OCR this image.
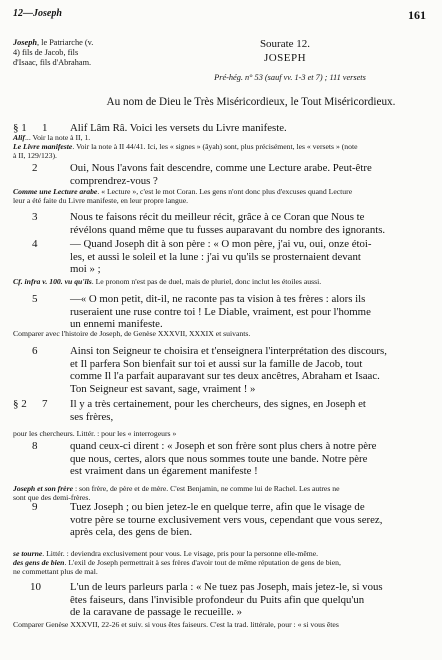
12—Joseph	161
Joseph, le Patriarche (v.
4) fils de Jacob, fils
d'Isaac, fils d'Abraham.
Sourate 12.
JOSEPH
Pré-hég. n° 53 (sauf vv. 1-3 et 7) ; 111 versets
Au nom de Dieu le Très Miséricordieux, le Tout Miséricordieux.
§ 1 1 Alif Lâm Râ. Voici les versets du Livre manifeste.
Alif... Voir la note à II, 1.
Le Livre manifeste. Voir la note à II 44/41. Ici, les « signes » (âyah) sont, plus précisément, les « versets » (note
à II, 129/123).
2	Oui, Nous l'avons fait descendre, comme une Lecture arabe. Peut-être
comprendrez-vous ?
Comme une Lecture arabe. « Lecture », c'est le mot Coran. Les gens n'ont donc plus d'excuses quand Lecture
leur a été faite du Livre manifeste, en leur propre langue.
3	Nous te faisons récit du meilleur récit, grâce à ce Coran que Nous te
révélons quand même que tu fusses auparavant du nombre des ignorants.
4	— Quand Joseph dit à son père : « O mon père, j'ai vu, oui, onze étoi-
les, et aussi le soleil et la lune : j'ai vu qu'ils se prosternaient devant
moi » ;
Cf. infra v. 100. vu qu'ils. Le pronom n'est pas de duel, mais de pluriel, donc inclut les étoiles aussi.
5	—« O mon petit, dit-il, ne raconte pas ta vision à tes frères : alors ils
ruseraient une ruse contre toi ! Le Diable, vraiment, est pour l'homme
un ennemi manifeste.
Comparer avec l'histoire de Joseph, de Genèse XXXVII, XXXIX et suivants.
6	Ainsi ton Seigneur te choisira et t'enseignera l'interprétation des discours,
et Il parfera Son bienfait sur toi et aussi sur la famille de Jacob, tout
comme Il l'a parfait auparavant sur tes deux ancêtres, Abraham et Isaac.
Ton Seigneur est savant, sage, vraiment ! »
§ 2 7 Il y a très certainement, pour les chercheurs, des signes, en Joseph et
ses frères,
pour les chercheurs. Littér. : pour les « interrogeurs »
8	quand ceux-ci dirent : « Joseph et son frère sont plus chers à notre père
que nous, certes, alors que nous sommes toute une bande. Notre père
est vraiment dans un égarement manifeste !
Joseph et son frère : son frère, de père et de mère. C'est Benjamin, ne comme lui de Rachel. Les autres ne
sont que des demi-frères.
9	Tuez Joseph ; ou bien jetez-le en quelque terre, afin que le visage de
votre père se tourne exclusivement vers vous, cependant que vous serez,
après cela, des gens de bien.
se tourne. Littér. : deviendra exclusivement pour vous. Le visage, pris pour la personne elle-même.
des gens de bien. L'exil de Joseph permettrait à ses frères d'avoir tout de même réputation de gens de bien,
ne commettant plus de mal.
10	L'un de leurs parleurs parla : « Ne tuez pas Joseph, mais jetez-le, si vous
êtes faiseurs, dans l'invisible profondeur du Puits afin que quelqu'un
de la caravane de passage le recueille. »
Comparer Genèse XXXVII, 22-26 et suiv. si vous êtes faiseurs. C'est la trad. littérale, pour : « si vous êtes
